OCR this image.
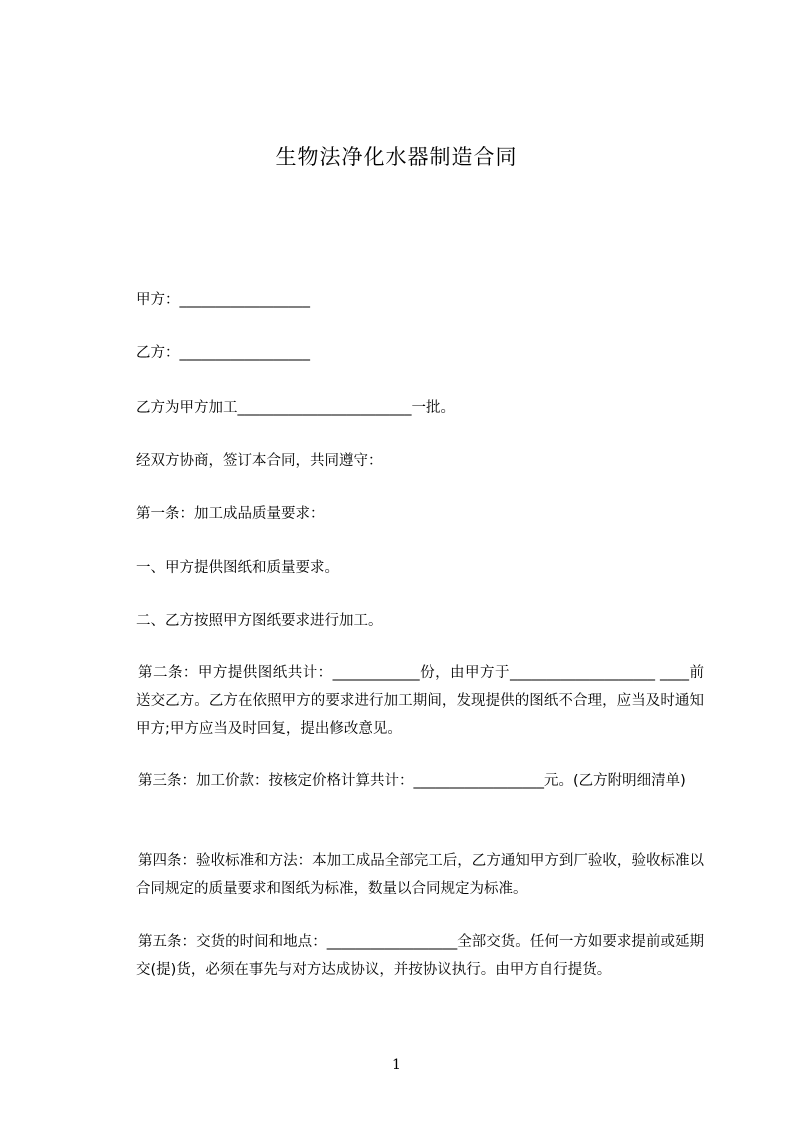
生物法净化水器制造合同
甲方：__________________
乙方：__________________
乙方为甲方加工________________________一批。
经双方协商，签订本合同，共同遵守：
第一条：加工成品质量要求：
一、甲方提供图纸和质量要求。
二、乙方按照甲方图纸要求进行加工。
第二条：甲方提供图纸共计：____________份，由甲方于____________________ ____前送交乙方。乙方在依照甲方的要求进行加工期间，发现提供的图纸不合理，应当及时通知甲方;甲方应当及时回复，提出修改意见。
第三条：加工价款：按核定价格计算共计：__________________元。(乙方附明细清单)
第四条：验收标准和方法：本加工成品全部完工后，乙方通知甲方到厂验收，验收标准以合同规定的质量要求和图纸为标准，数量以合同规定为标准。
第五条：交货的时间和地点：__________________全部交货。任何一方如要求提前或延期交(提)货，必须在事先与对方达成协议，并按协议执行。由甲方自行提货。
1
